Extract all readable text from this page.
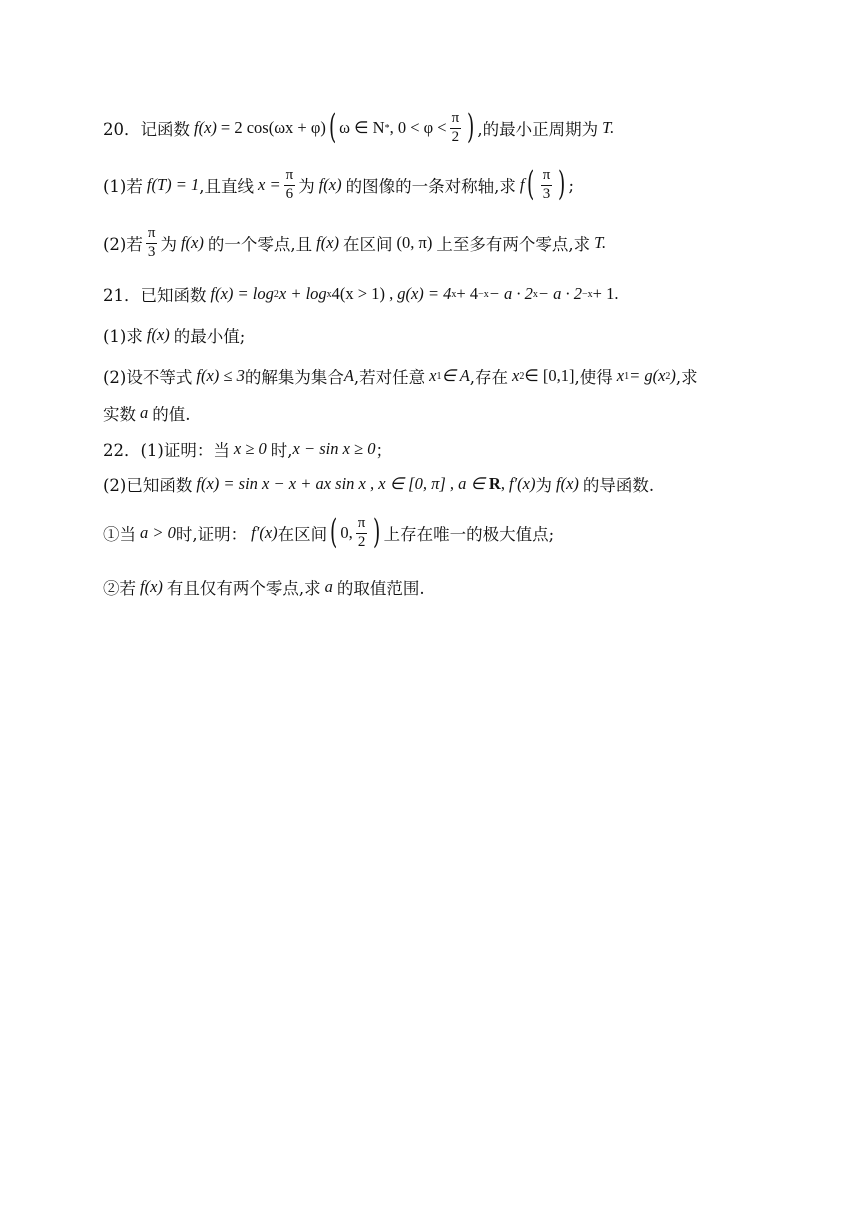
20． 记函数 f(x) = 2 cos(ωx + φ) ( ω ∈ N * , $0 < \varphi < \frac{\pi}{2}$ ) ,的最小正周期为 T.
(1)若 f(T) = 1 ,且直线 $x = \frac{\pi}{6}$ 为 f(x) 的图像的一条对称轴,求 f ( $\frac{\pi}{3}$ ) ;
(2)若 $\frac{\pi}{3}$ 为 f(x) 的一个零点,且 f(x) 在区间 (0, π) 上至多有两个零点,求 T.
21． 已知函数 f(x) = log 2 x + log x 4(x > 1) , g(x) = 4 x + 4 −x − a · 2 x − a · 2 −x + 1.
(1)求 f(x) 的最小值;
(2)设不等式 f(x) ≤ 3 的解集为集合 A ,若对任意 x 1 ∈ A ,存在 x 2 ∈ [0,1] ,使得 x 1 = g(x 2 ) ,求
实数 a 的值.
22． (1)证明：当 x ≥ 0 时, x − sin x ≥ 0 ；
(2)已知函数 f(x) = sin x − x + ax sin x , x ∈ [0, π] , a ∈ R , f′(x) 为 f(x) 的导函数.
①当 a > 0 时,证明： f′(x) 在区间 ( 0, $\frac{\pi}{2}$ ) 上存在唯一的极大值点;
②若 f(x) 有且仅有两个零点,求 a 的取值范围.
